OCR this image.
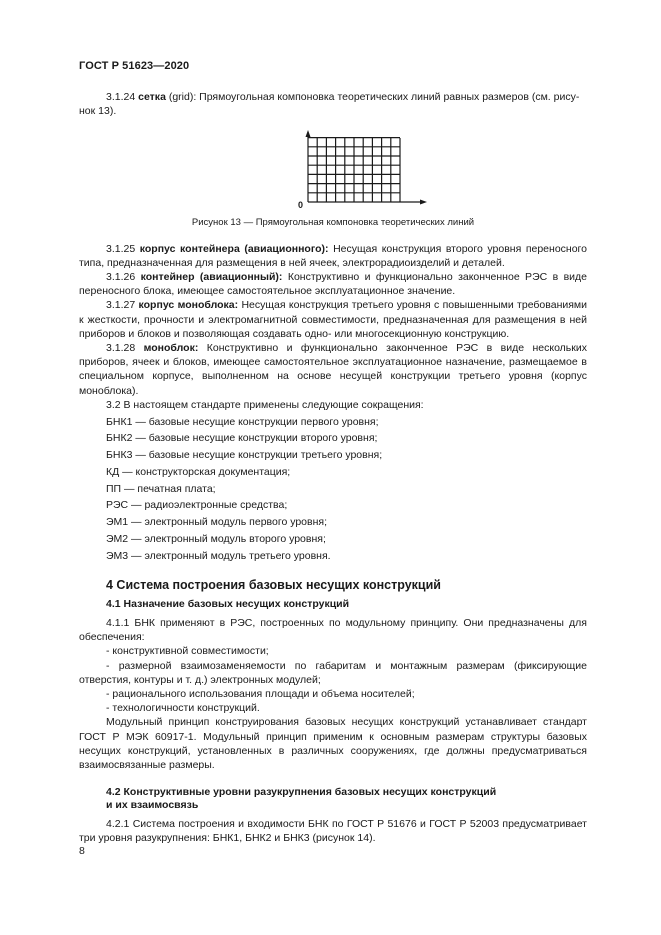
ГОСТ Р 51623—2020

3.1.24 сетка (grid): Прямоугольная компоновка теоретических линий равных размеров (см. рису-
нок 13).

0
Рисунок 13 — Прямоугольная компоновка теоретических линий

3.1.25 корпус контейнера (авиационного): Несущая конструкция второго уровня переносного типа, предназначенная для размещения в ней ячеек, электрорадиоизделий и деталей.

3.1.26 контейнер (авиационный): Конструктивно и функционально законченное РЭС в виде переносного блока, имеющее самостоятельное эксплуатационное значение.

3.1.27 корпус моноблока: Несущая конструкция третьего уровня с повышенными требованиями к жесткости, прочности и электромагнитной совместимости, предназначенная для размещения в ней приборов и блоков и позволяющая создавать одно- или многосекционную конструкцию.

3.1.28 моноблок: Конструктивно и функционально законченное РЭС в виде нескольких приборов, ячеек и блоков, имеющее самостоятельное эксплуатационное назначение, размещаемое в специальном корпусе, выполненном на основе несущей конструкции третьего уровня (корпус моноблока).

3.2 В настоящем стандарте применены следующие сокращения:

БНК1 — базовые несущие конструкции первого уровня;
БНК2 — базовые несущие конструкции второго уровня;
БНК3 — базовые несущие конструкции третьего уровня;
КД — конструкторская документация;
ПП — печатная плата;
РЭС — радиоэлектронные средства;
ЭМ1 — электронный модуль первого уровня;
ЭМ2 — электронный модуль второго уровня;
ЭМ3 — электронный модуль третьего уровня.
4 Система построения базовых несущих конструкций
4.1 Назначение базовых несущих конструкций

4.1.1 БНК применяют в РЭС, построенных по модульному принципу. Они предназначены для обеспечения:

- конструктивной совместимости;

- размерной взаимозаменяемости по габаритам и монтажным размерам (фиксирующие отверстия, контуры и т. д.) электронных модулей;

- рационального использования площади и объема носителей;

- технологичности конструкций.

Модульный принцип конструирования базовых несущих конструкций устанавливает стандарт ГОСТ Р МЭК 60917-1. Модульный принцип применим к основным размерам структуры базовых несущих конструкций, установленных в различных сооружениях, где должны предусматриваться взаимосвязанные размеры.

4.2 Конструктивные уровни разукрупнения базовых несущих конструкций
и их взаимосвязь

4.2.1 Система построения и входимости БНК по ГОСТ Р 51676 и ГОСТ Р 52003 предусматривает три уровня разукрупнения: БНК1, БНК2 и БНК3 (рисунок 14).

8
